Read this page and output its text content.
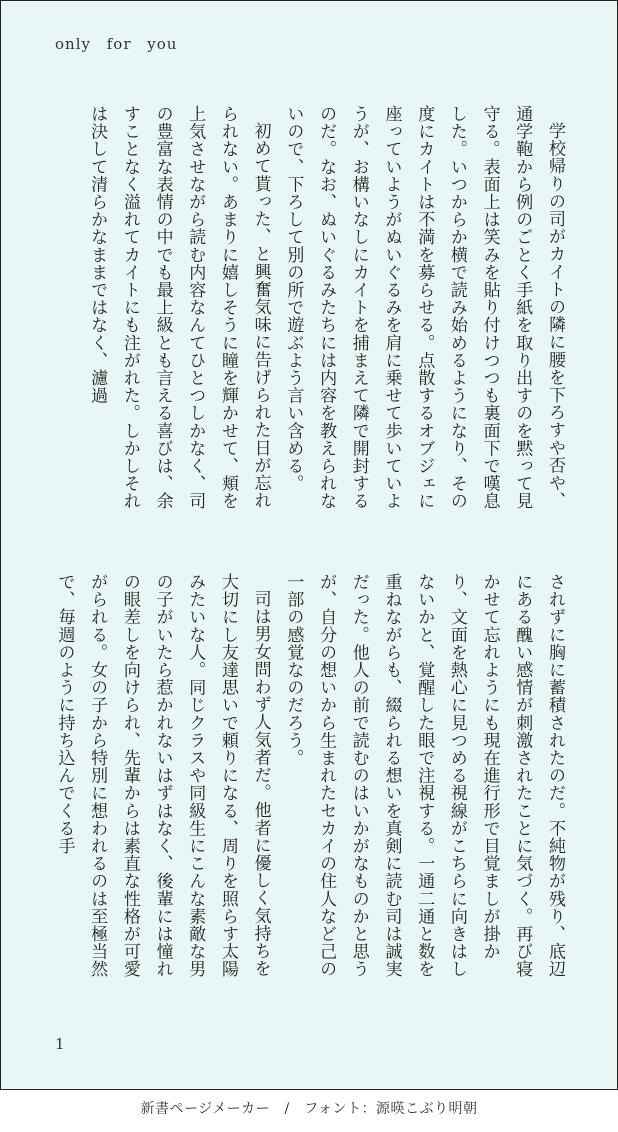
only for you

学校帰りの司がカイトの隣に腰を下ろすや否や、通学鞄から例のごとく手紙を取り出すのを黙って見守る。表面上は笑みを貼り付けつつも裏面下で嘆息した。いつからか横で読み始めるようになり、その度にカイトは不満を募らせる。点散するオブジェに座っていようがぬいぐるみを肩に乗せて歩いていようが、お構いなしにカイトを捕まえて隣で開封するのだ。なお、ぬいぐるみたちには内容を教えられないので、下ろして別の所で遊ぶよう言い含める。

初めて貰った、と興奮気味に告げられた日が忘れられない。あまりに嬉しそうに瞳を輝かせて、頬を上気させながら読む内容なんてひとつしかなく、司の豊富な表情の中でも最上級とも言える喜びは、余すことなく溢れてカイトにも注がれた。しかしそれは決して清らかなままではなく、濾過

されずに胸に蓄積されたのだ。不純物が残り、底辺にある醜い感情が刺激されたことに気づく。再び寝かせて忘れようにも現在進行形で目覚ましが掛かり、文面を熱心に見つめる視線がこちらに向きはしないかと、覚醒した眼で注視する。一通二通と数を重ねながらも、綴られる想いを真剣に読む司は誠実だった。他人の前で読むのはいかがなものかと思うが、自分の想いから生まれたセカイの住人など己の一部の感覚なのだろう。

司は男女問わず人気者だ。他者に優しく気持ちを大切にし友達思いで頼りになる、周りを照らす太陽みたいな人。同じクラスや同級生にこんな素敵な男の子がいたら惹かれないはずはなく、後輩には憧れの眼差しを向けられ、先輩からは素直な性格が可愛がられる。女の子から特別に想われるのは至極当然で、毎週のように持ち込んでくる手

1
新書ページメーカー　/　フォント：源暎こぶり明朝
